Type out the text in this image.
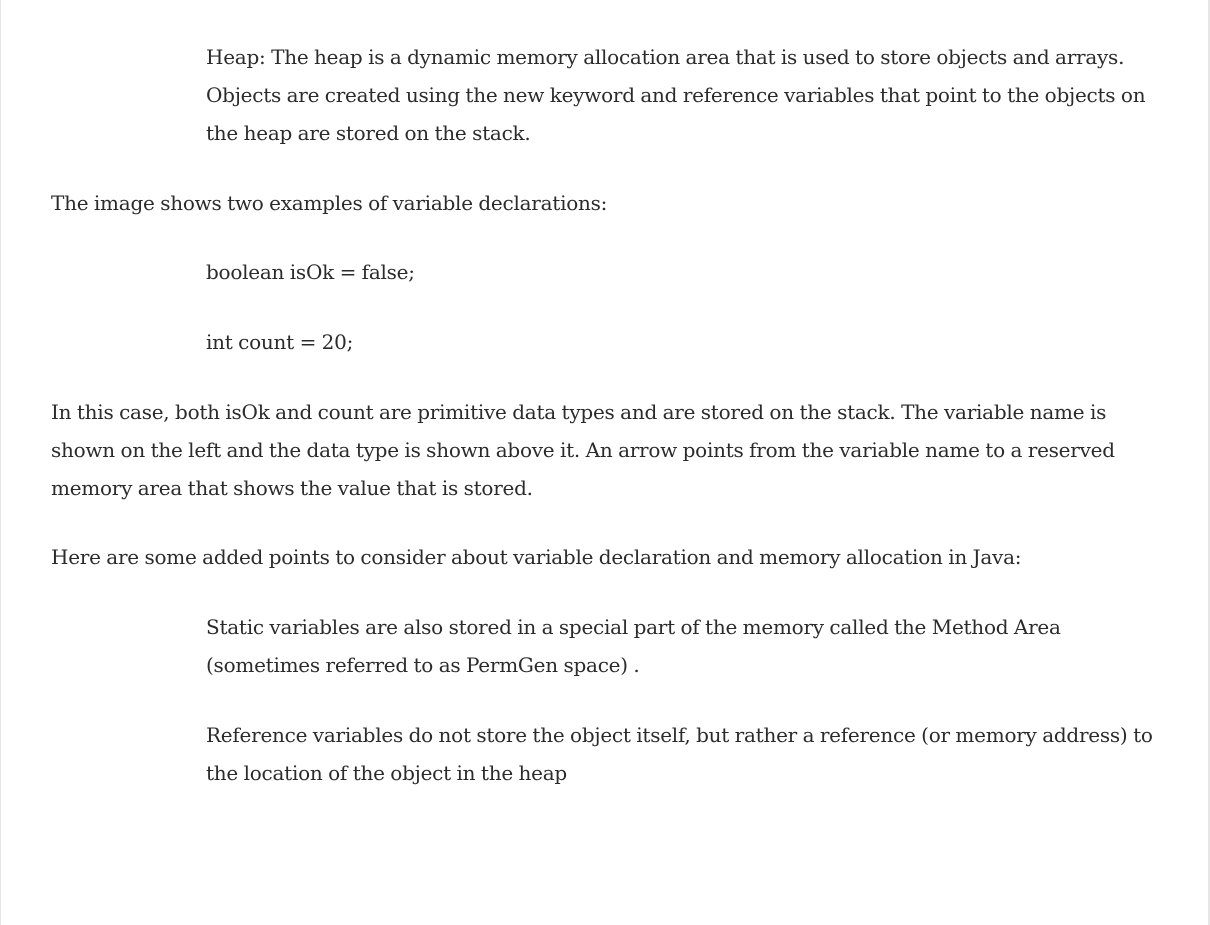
Heap: The heap is a dynamic memory allocation area that is used to store objects and arrays. Objects are created using the new keyword and reference variables that point to the objects on the heap are stored on the stack.

The image shows two examples of variable declarations:

boolean isOk = false;

int count = 20;

In this case, both isOk and count are primitive data types and are stored on the stack. The variable name is shown on the left and the data type is shown above it. An arrow points from the variable name to a reserved memory area that shows the value that is stored.

Here are some added points to consider about variable declaration and memory allocation in Java:

Static variables are also stored in a special part of the memory called the Method Area (sometimes referred to as PermGen space) .

Reference variables do not store the object itself, but rather a reference (or memory address) to the location of the object in the heap
